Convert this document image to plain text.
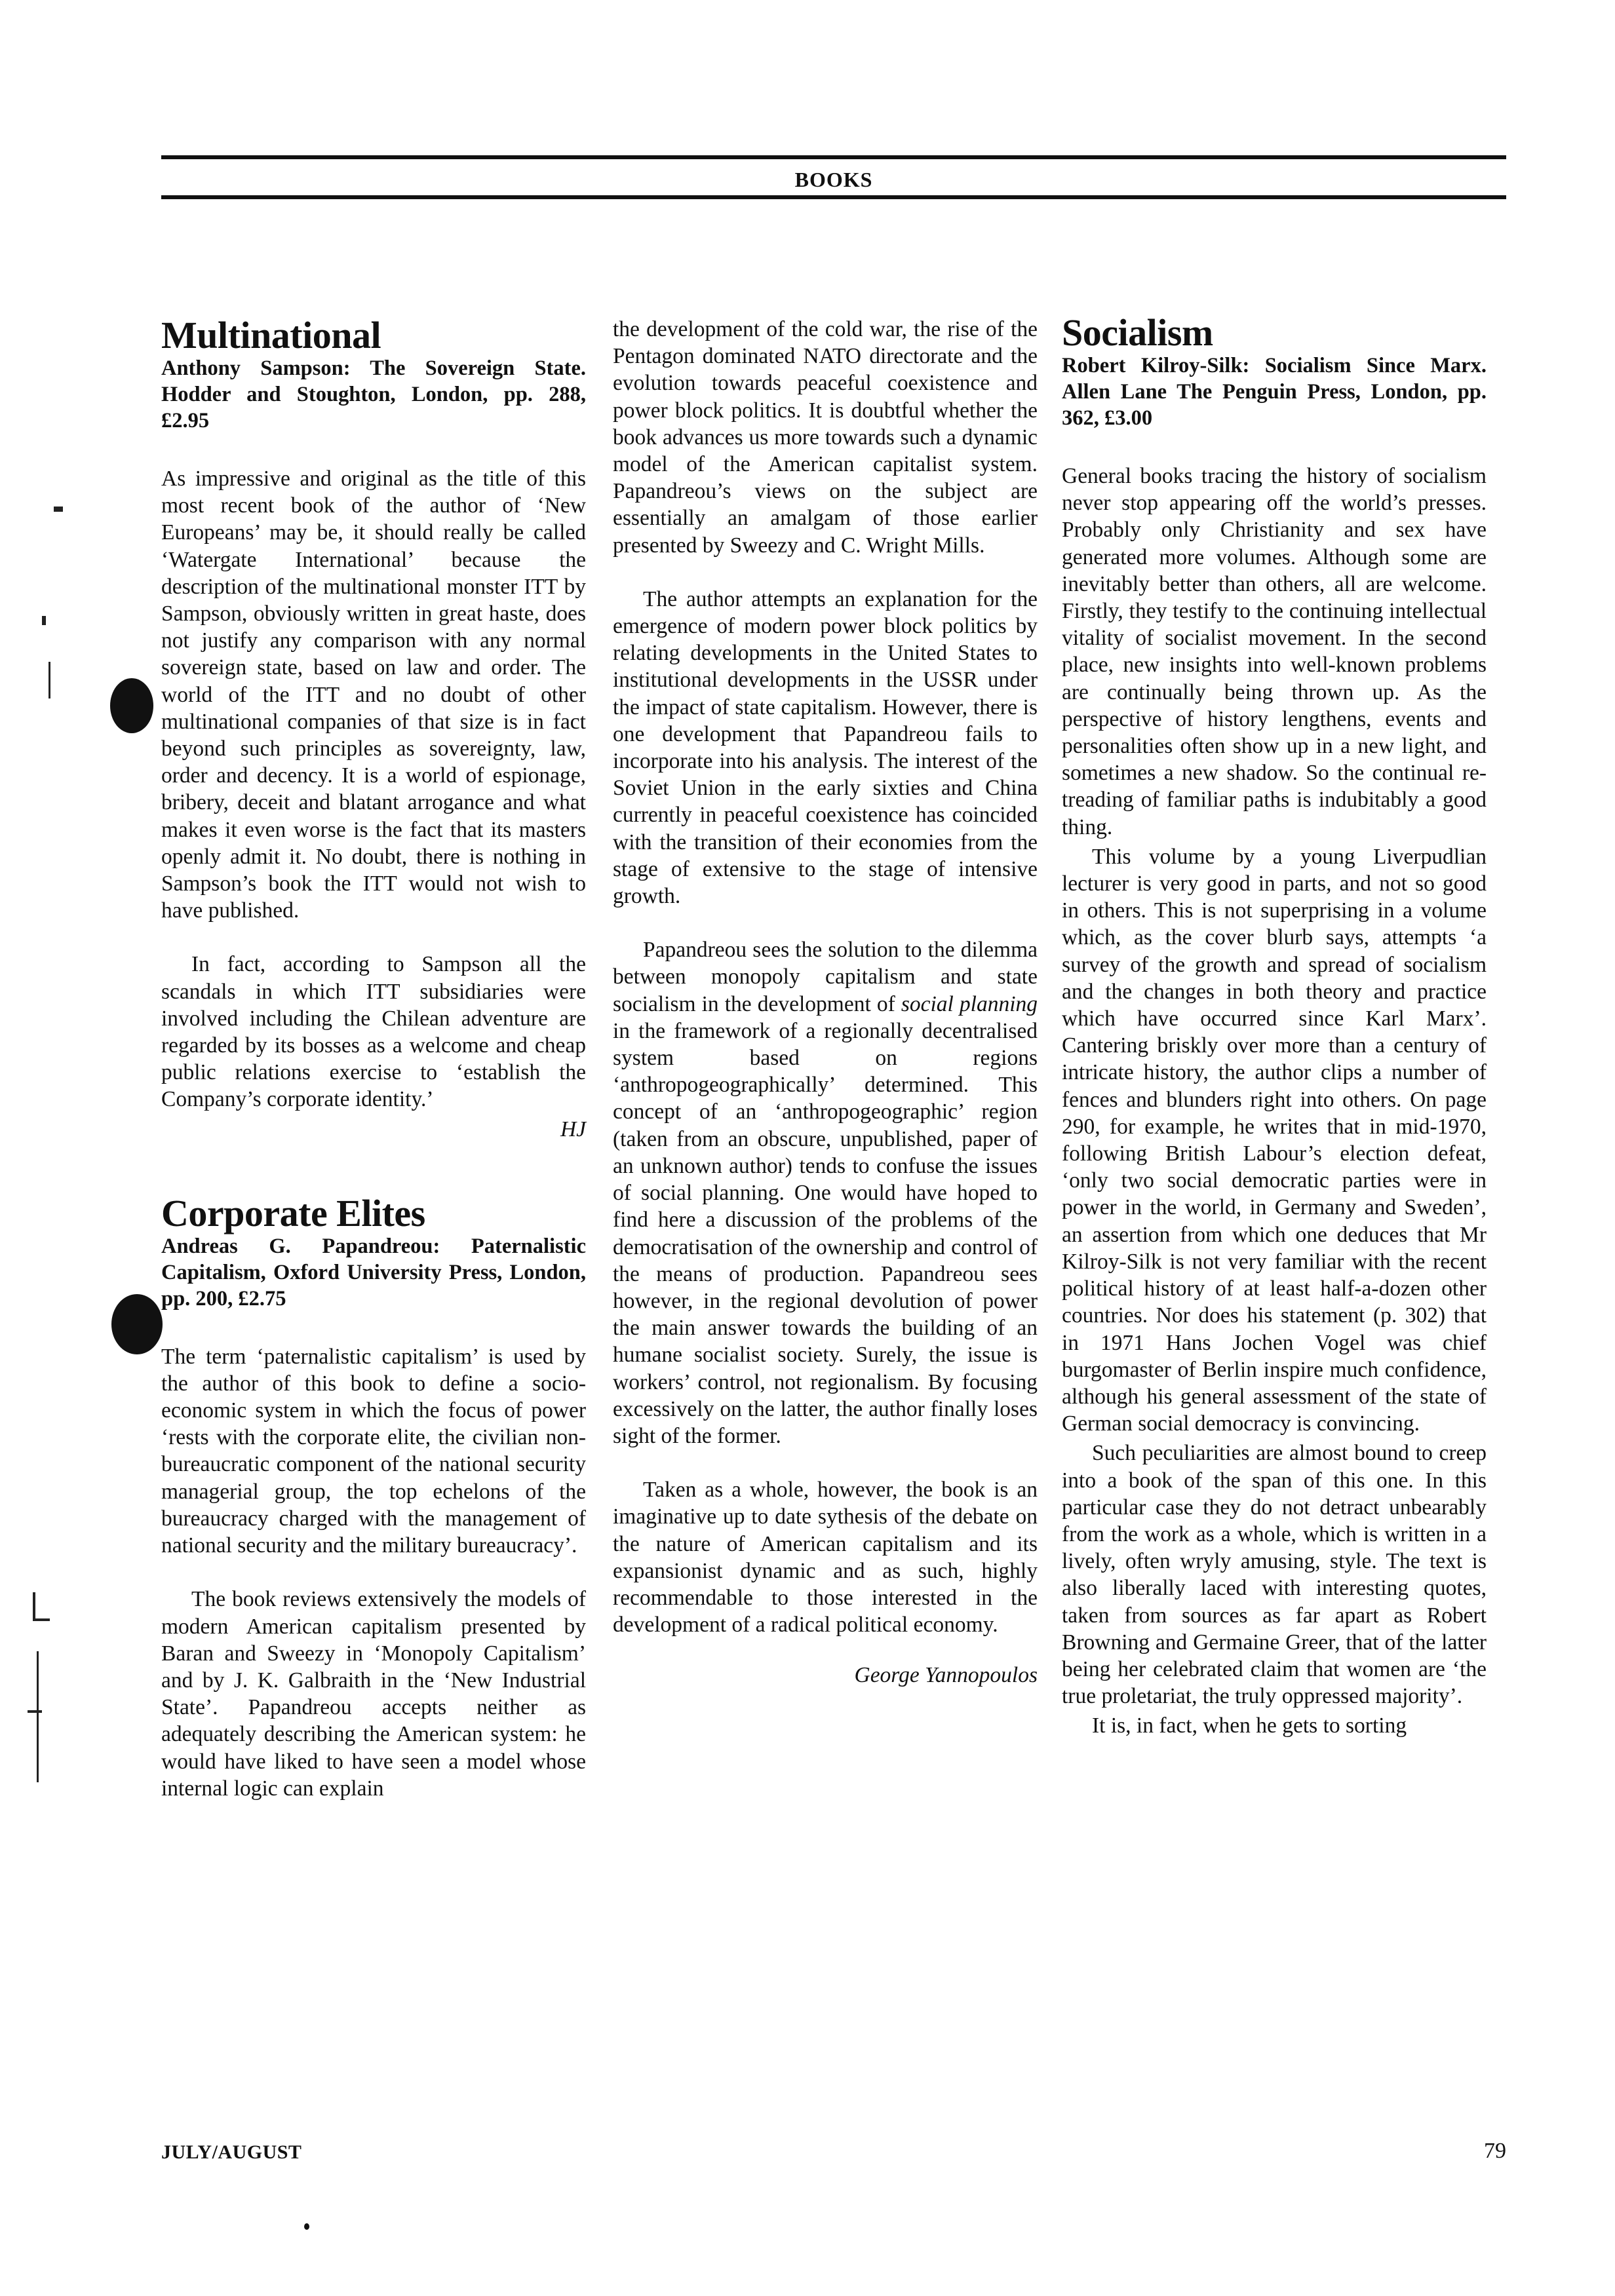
BOOKS
Multinational
Anthony Sampson: The Sovereign State. Hodder and Stoughton, London, pp. 288, £2.95

As impressive and original as the title of this most recent book of the author of ‘New Europeans’ may be, it should really be called ‘Watergate International’ because the description of the multinational monster ITT by Sampson, obviously written in great haste, does not justify any comparison with any normal sovereign state, based on law and order. The world of the ITT and no doubt of other multinational companies of that size is in fact beyond such principles as sovereignty, law, order and decency. It is a world of espionage, bribery, deceit and blatant arrogance and what makes it even worse is the fact that its masters openly admit it. No doubt, there is nothing in Sampson’s book the ITT would not wish to have published.

In fact, according to Sampson all the scandals in which ITT subsidiaries were involved including the Chilean adventure are regarded by its bosses as a welcome and cheap public relations exercise to ‘establish the Company’s corporate identity.’

HJ
Corporate Elites
Andreas G. Papandreou: Paternalistic Capitalism, Oxford University Press, London, pp. 200, £2.75

The term ‘paternalistic capitalism’ is used by the author of this book to define a socio-economic system in which the focus of power ‘rests with the corporate elite, the civilian non-bureaucratic component of the national security managerial group, the top echelons of the bureaucracy charged with the management of national security and the military bureaucracy’.

The book reviews extensively the models of modern American capitalism presented by Baran and Sweezy in ‘Monopoly Capitalism’ and by J. K. Galbraith in the ‘New Industrial State’. Papandreou accepts neither as adequately describing the American system: he would have liked to have seen a model whose internal logic can explain

the development of the cold war, the rise of the Pentagon dominated NATO directorate and the evolution towards peaceful coexistence and power block politics. It is doubtful whether the book advances us more towards such a dynamic model of the American capitalist system. Papandreou’s views on the subject are essentially an amalgam of those earlier presented by Sweezy and C. Wright Mills.

The author attempts an explanation for the emergence of modern power block politics by relating developments in the United States to institutional developments in the USSR under the impact of state capitalism. However, there is one development that Papandreou fails to incorporate into his analysis. The interest of the Soviet Union in the early sixties and China currently in peaceful coexistence has coincided with the transition of their economies from the stage of extensive to the stage of intensive growth.

Papandreou sees the solution to the dilemma between monopoly capitalism and state socialism in the development of social planning in the framework of a regionally decentralised system based on regions ‘anthropogeographically’ determined. This concept of an ‘anthropogeographic’ region (taken from an obscure, unpublished, paper of an unknown author) tends to confuse the issues of social planning. One would have hoped to find here a discussion of the problems of the democratisation of the ownership and control of the means of production. Papandreou sees however, in the regional devolution of power the main answer towards the building of an humane socialist society. Surely, the issue is workers’ control, not regionalism. By focusing excessively on the latter, the author finally loses sight of the former.

Taken as a whole, however, the book is an imaginative up to date sythesis of the debate on the nature of American capitalism and its expansionist dynamic and as such, highly recommendable to those interested in the development of a radical political economy.

George Yannopoulos
Socialism
Robert Kilroy-Silk: Socialism Since Marx. Allen Lane The Penguin Press, London, pp. 362, £3.00

General books tracing the history of socialism never stop appearing off the world’s presses. Probably only Christianity and sex have generated more volumes. Although some are inevitably better than others, all are welcome. Firstly, they testify to the continuing intellectual vitality of socialist movement. In the second place, new insights into well-known problems are continually being thrown up. As the perspective of history lengthens, events and personalities often show up in a new light, and sometimes a new shadow. So the continual re-treading of familiar paths is indubitably a good thing.

This volume by a young Liverpudlian lecturer is very good in parts, and not so good in others. This is not superprising in a volume which, as the cover blurb says, attempts ‘a survey of the growth and spread of socialism and the changes in both theory and practice which have occurred since Karl Marx’. Cantering briskly over more than a century of intricate history, the author clips a number of fences and blunders right into others. On page 290, for example, he writes that in mid-1970, following British Labour’s election defeat, ‘only two social democratic parties were in power in the world, in Germany and Sweden’, an assertion from which one deduces that Mr Kilroy-Silk is not very familiar with the recent political history of at least half-a-dozen other countries. Nor does his statement (p. 302) that in 1971 Hans Jochen Vogel was chief burgomaster of Berlin inspire much confidence, although his general assessment of the state of German social democracy is convincing.

Such peculiarities are almost bound to creep into a book of the span of this one. In this particular case they do not detract unbearably from the work as a whole, which is written in a lively, often wryly amusing, style. The text is also liberally laced with interesting quotes, taken from sources as far apart as Robert Browning and Germaine Greer, that of the latter being her celebrated claim that women are ‘the true proletariat, the truly oppressed majority’.

It is, in fact, when he gets to sorting

JULY/AUGUST	79
